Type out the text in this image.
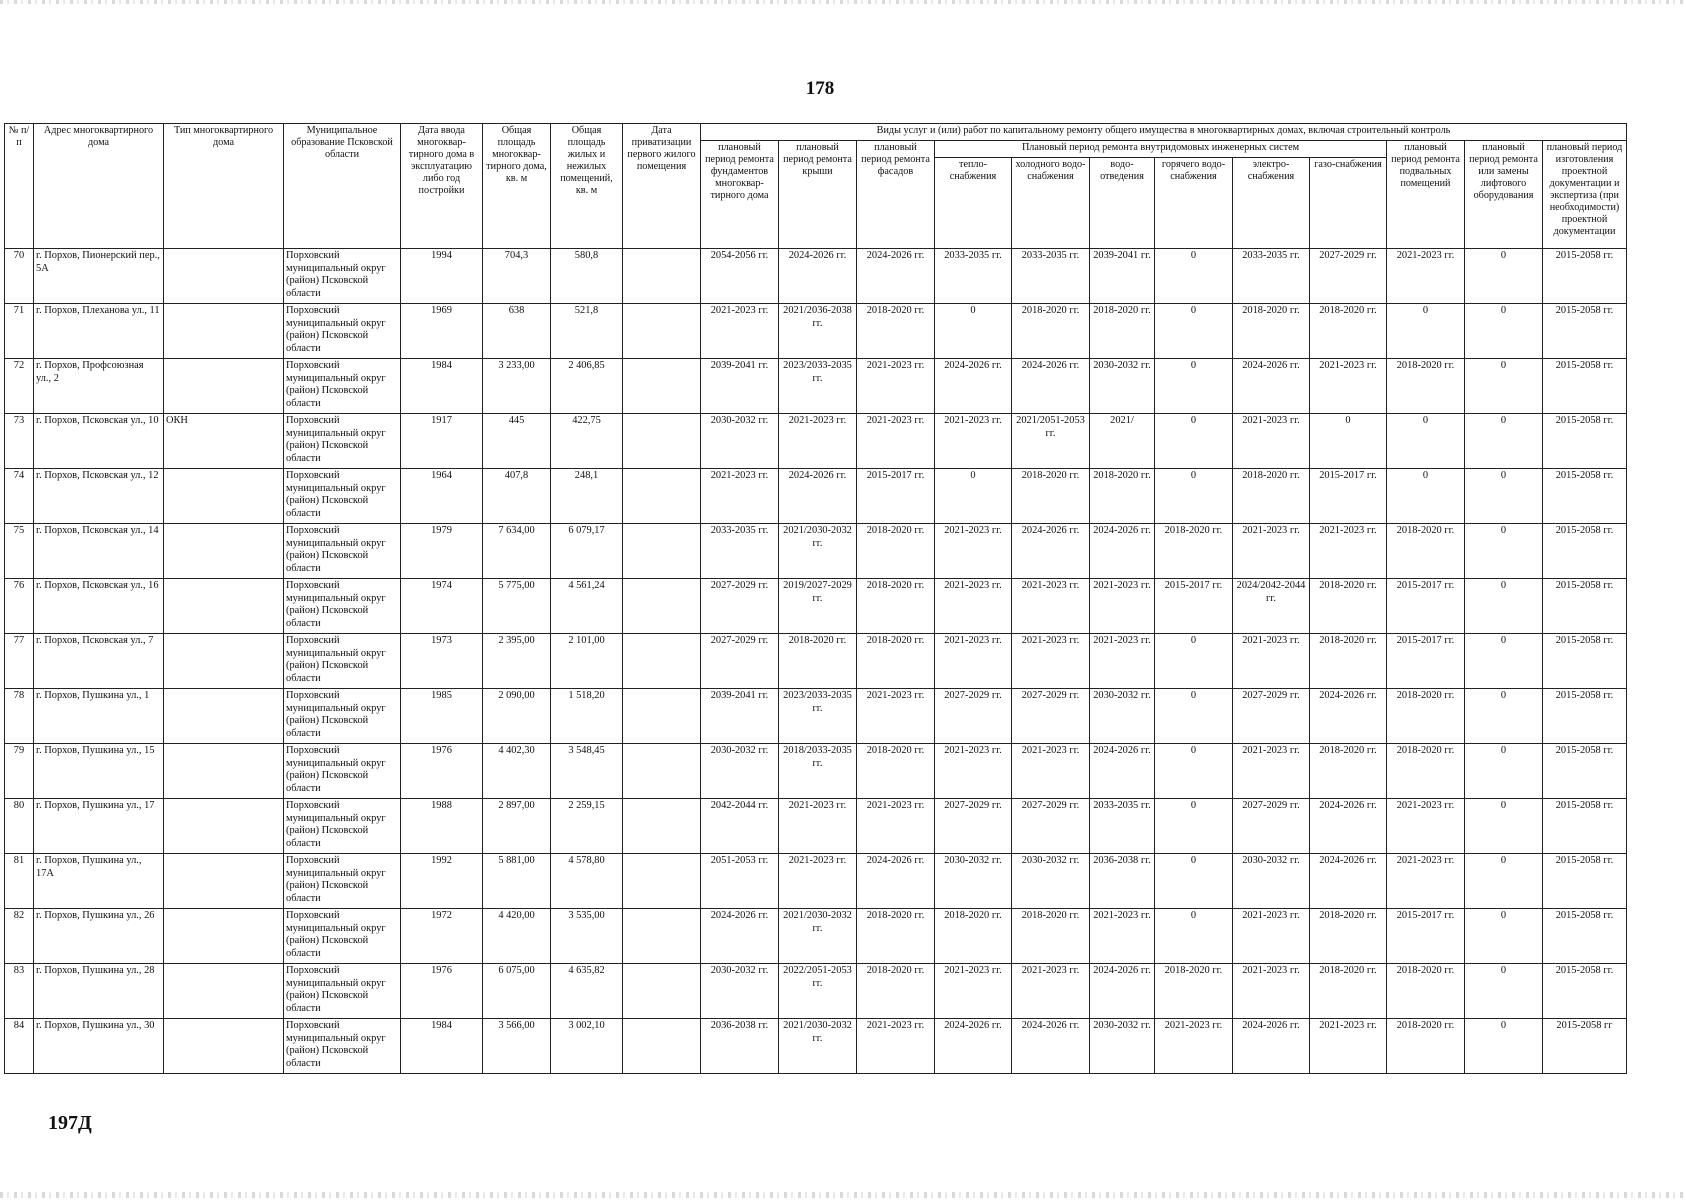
178
№ п/п	Адрес многоквартирного дома	Тип многоквартирного дома	Муниципальное образование Псковской области	Дата ввода многоквар-тирного дома в эксплуатацию либо год постройки	Общая площадь многоквар-тирного дома, кв. м	Общая площадь жилых и нежилых помещений, кв. м	Дата приватизации первого жилого помещения	Виды услуг и (или) работ по капитальному ремонту общего имущества в многоквартирных домах, включая строительный контроль											
								плановый период ремонта фундаментов многоквар-тирного дома	плановый период ремонта крыши	плановый период ремонта фасадов	Плановый период ремонта внутридомовых инженерных систем						плановый период ремонта подвальных помещений	плановый период ремонта или замены лифтового оборудования	плановый период изготовления проектной документации и экспертиза (при необходимости) проектной документации
											тепло-снабжения	холодного водо-снабжения	водо-отведения	горячего водо-снабжения	электро-снабжения	газо-снабжения			
70	г. Порхов, Пионерский пер., 5А		Порховский муниципальный округ (район) Псковской области	1994	704,3	580,8		2054-2056 гг.	2024-2026 гг.	2024-2026 гг.	2033-2035 гг.	2033-2035 гг.	2039-2041 гг.	0	2033-2035 гг.	2027-2029 гг.	2021-2023 гг.	0	2015-2058 гг.
71	г. Порхов, Плеханова ул., 11		Порховский муниципальный округ (район) Псковской области	1969	638	521,8		2021-2023 гг.	2021/2036-2038 гг.	2018-2020 гг.	0	2018-2020 гг.	2018-2020 гг.	0	2018-2020 гг.	2018-2020 гг.	0	0	2015-2058 гг.
72	г. Порхов, Профсоюзная ул., 2		Порховский муниципальный округ (район) Псковской области	1984	3 233,00	2 406,85		2039-2041 гг.	2023/2033-2035 гг.	2021-2023 гг.	2024-2026 гг.	2024-2026 гг.	2030-2032 гг.	0	2024-2026 гг.	2021-2023 гг.	2018-2020 гг.	0	2015-2058 гг.
73	г. Порхов, Псковская ул., 10	ОКН	Порховский муниципальный округ (район) Псковской области	1917	445	422,75		2030-2032 гг.	2021-2023 гг.	2021-2023 гг.	2021-2023 гг.	2021/2051-2053 гг.	2021/	0	2021-2023 гг.	0	0	0	2015-2058 гг.
74	г. Порхов, Псковская ул., 12		Порховский муниципальный округ (район) Псковской области	1964	407,8	248,1		2021-2023 гг.	2024-2026 гг.	2015-2017 гг.	0	2018-2020 гг.	2018-2020 гг.	0	2018-2020 гг.	2015-2017 гг.	0	0	2015-2058 гг.
75	г. Порхов, Псковская ул., 14		Порховский муниципальный округ (район) Псковской области	1979	7 634,00	6 079,17		2033-2035 гг.	2021/2030-2032 гг.	2018-2020 гг.	2021-2023 гг.	2024-2026 гг.	2024-2026 гг.	2018-2020 гг.	2021-2023 гг.	2021-2023 гг.	2018-2020 гг.	0	2015-2058 гг.
76	г. Порхов, Псковская ул., 16		Порховский муниципальный округ (район) Псковской области	1974	5 775,00	4 561,24		2027-2029 гг.	2019/2027-2029 гг.	2018-2020 гг.	2021-2023 гг.	2021-2023 гг.	2021-2023 гг.	2015-2017 гг.	2024/2042-2044 гг.	2018-2020 гг.	2015-2017 гг.	0	2015-2058 гг.
77	г. Порхов, Псковская ул., 7		Порховский муниципальный округ (район) Псковской области	1973	2 395,00	2 101,00		2027-2029 гг.	2018-2020 гг.	2018-2020 гг.	2021-2023 гг.	2021-2023 гг.	2021-2023 гг.	0	2021-2023 гг.	2018-2020 гг.	2015-2017 гг.	0	2015-2058 гг.
78	г. Порхов, Пушкина ул., 1		Порховский муниципальный округ (район) Псковской области	1985	2 090,00	1 518,20		2039-2041 гг.	2023/2033-2035 гг.	2021-2023 гг.	2027-2029 гг.	2027-2029 гг.	2030-2032 гг.	0	2027-2029 гг.	2024-2026 гг.	2018-2020 гг.	0	2015-2058 гг.
79	г. Порхов, Пушкина ул., 15		Порховский муниципальный округ (район) Псковской области	1976	4 402,30	3 548,45		2030-2032 гг.	2018/2033-2035 гг.	2018-2020 гг.	2021-2023 гг.	2021-2023 гг.	2024-2026 гг.	0	2021-2023 гг.	2018-2020 гг.	2018-2020 гг.	0	2015-2058 гг.
80	г. Порхов, Пушкина ул., 17		Порховский муниципальный округ (район) Псковской области	1988	2 897,00	2 259,15		2042-2044 гг.	2021-2023 гг.	2021-2023 гг.	2027-2029 гг.	2027-2029 гг.	2033-2035 гг.	0	2027-2029 гг.	2024-2026 гг.	2021-2023 гг.	0	2015-2058 гг.
81	г. Порхов, Пушкина ул., 17А		Порховский муниципальный округ (район) Псковской области	1992	5 881,00	4 578,80		2051-2053 гг.	2021-2023 гг.	2024-2026 гг.	2030-2032 гг.	2030-2032 гг.	2036-2038 гг.	0	2030-2032 гг.	2024-2026 гг.	2021-2023 гг.	0	2015-2058 гг.
82	г. Порхов, Пушкина ул., 26		Порховский муниципальный округ (район) Псковской области	1972	4 420,00	3 535,00		2024-2026 гг.	2021/2030-2032 гг.	2018-2020 гг.	2018-2020 гг.	2018-2020 гг.	2021-2023 гг.	0	2021-2023 гг.	2018-2020 гг.	2015-2017 гг.	0	2015-2058 гг.
83	г. Порхов, Пушкина ул., 28		Порховский муниципальный округ (район) Псковской области	1976	6 075,00	4 635,82		2030-2032 гг.	2022/2051-2053 гг.	2018-2020 гг.	2021-2023 гг.	2021-2023 гг.	2024-2026 гг.	2018-2020 гг.	2021-2023 гг.	2018-2020 гг.	2018-2020 гг.	0	2015-2058 гг.
84	г. Порхов, Пушкина ул., 30		Порховский муниципальный округ (район) Псковской области	1984	3 566,00	3 002,10		2036-2038 гг.	2021/2030-2032 гг.	2021-2023 гг.	2024-2026 гг.	2024-2026 гг.	2030-2032 гг.	2021-2023 гг.	2024-2026 гг.	2021-2023 гг.	2018-2020 гг.	0	2015-2058 гг
197Д
